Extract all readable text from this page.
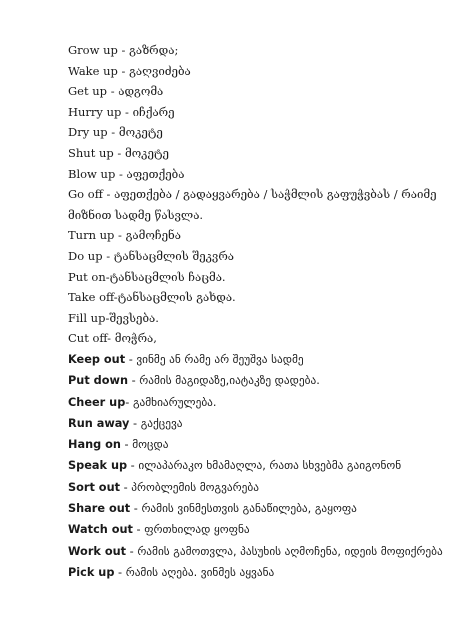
Grow up - გაზრდა;
Wake up - გაღვიძება
Get up - ადგომა
Hurry up - იჩქარე
Dry up - მოკეტე
Shut up - მოკეტე
Blow up - აფეთქება
Go off - აფეთქება / გადაყვარება / საჭმლის გაფუჭვბას / რაიმე მიზნით სადმე წასვლა.
Turn up - გამოჩენა
Do up - ტანსაცმლის შეკვრა
Put on-ტანსაცმლის ჩაცმა.
Take off-ტანსაცმლის გახდა.
Fill up-შევსება.
Cut off- მოჭრა,
Keep out - ვინმე ან რამე არ შეუშვა სადმე
Put down - რამის მაგიდაზე,იატაკზე დადება.
Cheer up- გამხიარულება.
Run away - გაქცევა
Hang on - მოცდა
Speak up - ილაპარაკო ხმამაღლა, რათა სხვებმა გაიგონონ
Sort out - პრობლემის მოგვარება
Share out - რამის ვინმესთვის განაწილება, გაყოფა
Watch out - ფრთხილად ყოფნა
Work out - რამის გამოთვლა, პასუხის აღმოჩენა, იდეის მოფიქრება
Pick up - რამის აღება. ვინმეს აყვანა
